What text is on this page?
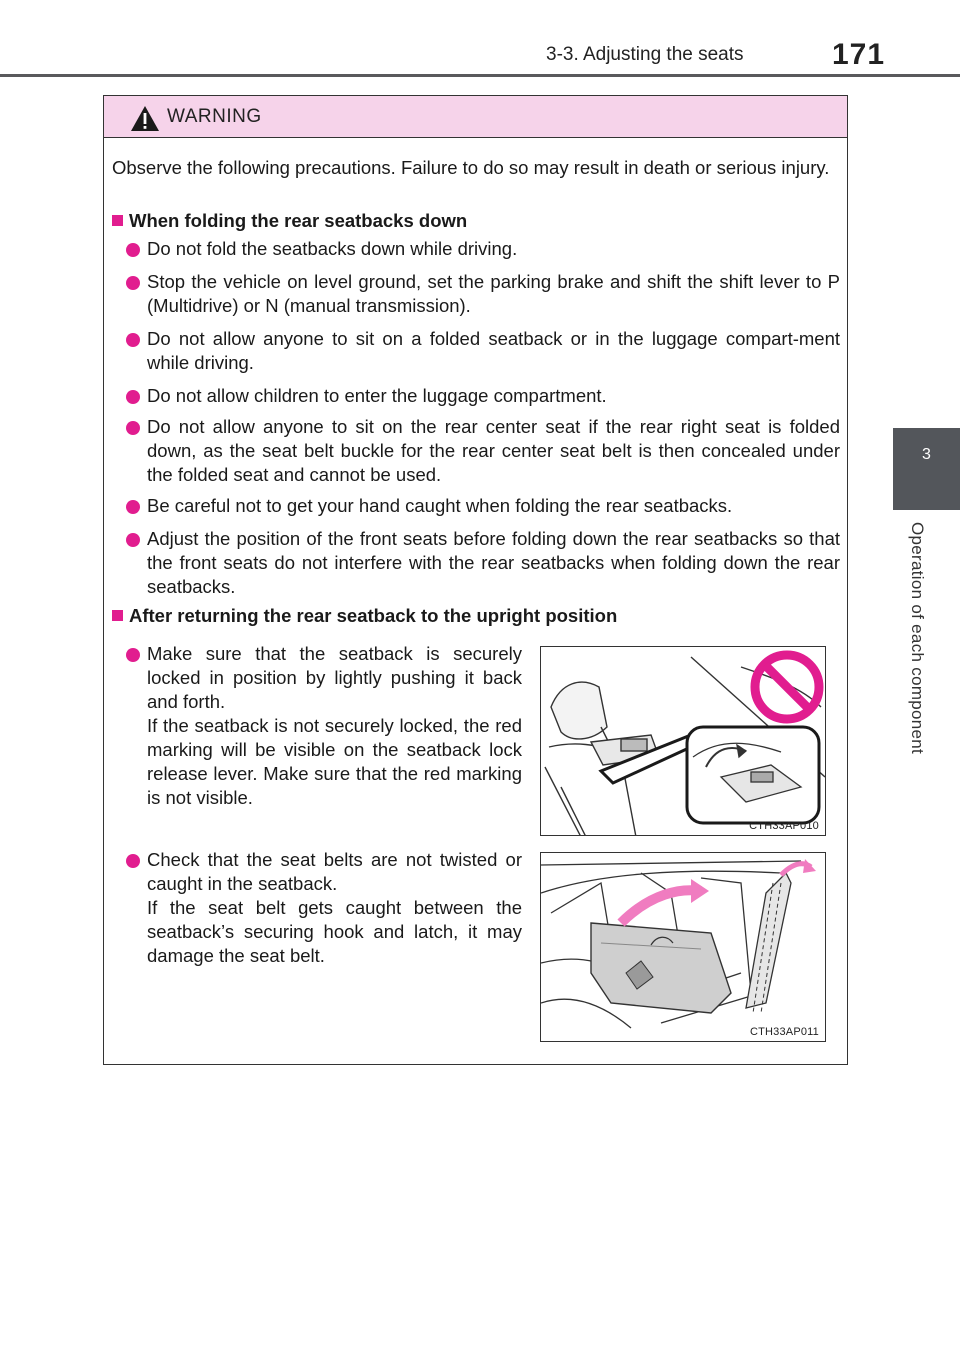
3-3. Adjusting the seats	171
3
Operation of each component
WARNING
Observe the following precautions. Failure to do so may result in death or serious injury.
When folding the rear seatbacks down
Do not fold the seatbacks down while driving.
Stop the vehicle on level ground, set the parking brake and shift the shift lever to P (Multidrive) or N (manual transmission).
Do not allow anyone to sit on a folded seatback or in the luggage compart-ment while driving.
Do not allow children to enter the luggage compartment.
Do not allow anyone to sit on the rear center seat if the rear right seat is folded down, as the seat belt buckle for the rear center seat belt is then concealed under the folded seat and cannot be used.
Be careful not to get your hand caught when folding the rear seatbacks.
Adjust the position of the front seats before folding down the rear seatbacks so that the front seats do not interfere with the rear seatbacks when folding down the rear seatbacks.
After returning the rear seatback to the upright position
Make sure that the seatback is securely locked in position by lightly pushing it back and forth.
If the seatback is not securely locked, the red marking will be visible on the seatback lock release lever. Make sure that the red marking is not visible.
Check that the seat belts are not twisted or caught in the seatback.
If the seat belt gets caught between the seatback’s securing hook and latch, it may damage the seat belt.
CTH33AP010
CTH33AP011
